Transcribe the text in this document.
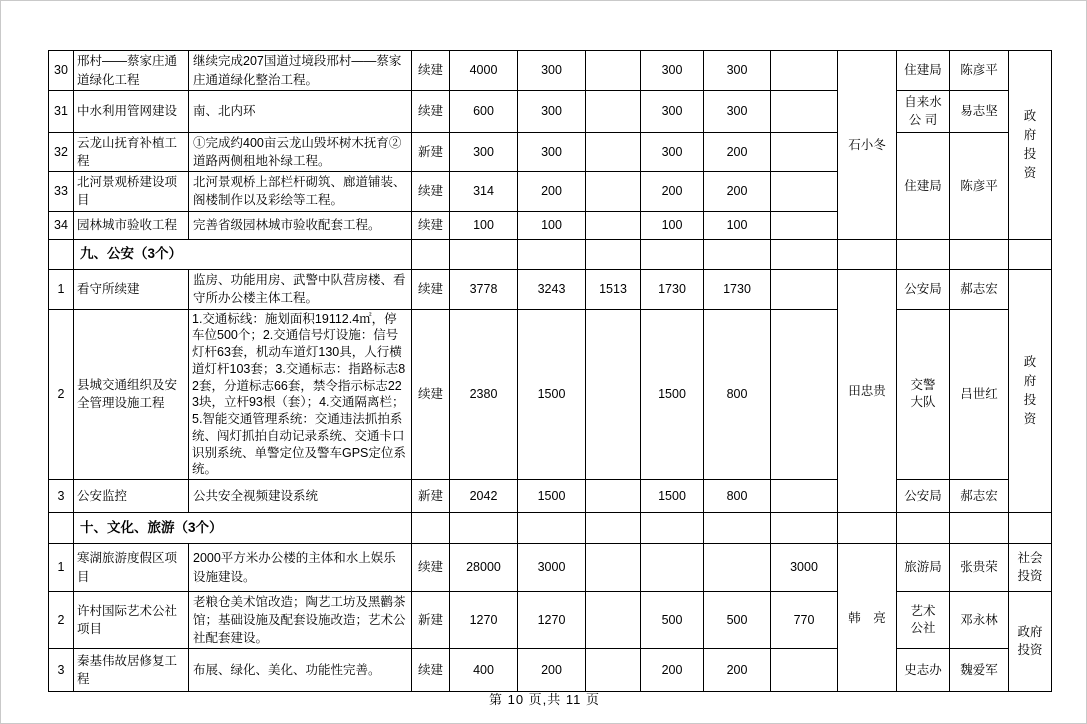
30	邢村——蔡家庄通道绿化工程	继续完成207国道过境段邢村——蔡家庄通道绿化整治工程。	续建	4000	300		300	300		石小冬	住建局	陈彦平	政府投资
31	中水利用管网建设	南、北内环	续建	600	300		300	300			自来水公 司	易志坚	
32	云龙山抚育补植工程	①完成约400亩云龙山毁坏树木抚育②道路两侧租地补绿工程。	新建	300	300		300	200			住建局	陈彦平	
33	北河景观桥建设项目	北河景观桥上部栏杆砌筑、廊道铺装、阁楼制作以及彩绘等工程。	续建	314	200		200	200					
34	园林城市验收工程	完善省级园林城市验收配套工程。	续建	100	100		100	100					
	九、公安（3个）												
1	看守所续建	监房、功能用房、武警中队营房楼、看守所办公楼主体工程。	续建	3778	3243	1513	1730	1730		田忠贵	公安局	郝志宏	政府投资
2	县城交通组织及安全管理设施工程	1.交通标线：施划面积19112.4㎡，停车位500个；2.交通信号灯设施：信号灯杆63套，机动车道灯130具，人行横道灯杆103套；3.交通标志：指路标志82套，分道标志66套，禁令指示标志223块，立杆93根（套）；4.交通隔离栏；5.智能交通管理系统：交通违法抓拍系统、闯灯抓拍自动记录系统、交通卡口识别系统、单警定位及警车GPS定位系统。	续建	2380	1500		1500	800			交警大队	吕世红	
3	公安监控	公共安全视频建设系统	新建	2042	1500		1500	800			公安局	郝志宏	
	十、文化、旅游（3个）												
1	寒湖旅游度假区项目	2000平方米办公楼的主体和水上娱乐设施建设。	续建	28000	3000				3000	韩　亮	旅游局	张贵荣	社会投资
2	许村国际艺术公社项目	老粮仓美术馆改造；陶艺工坊及黑鹳茶馆；基础设施及配套设施改造；艺术公社配套建设。	新建	1270	1270		500	500	770		艺术公社	邓永林	政府投资
3	秦基伟故居修复工程	布展、绿化、美化、功能性完善。	续建	400	200		200	200			史志办	魏爱军	
第 10 页,共 11 页
